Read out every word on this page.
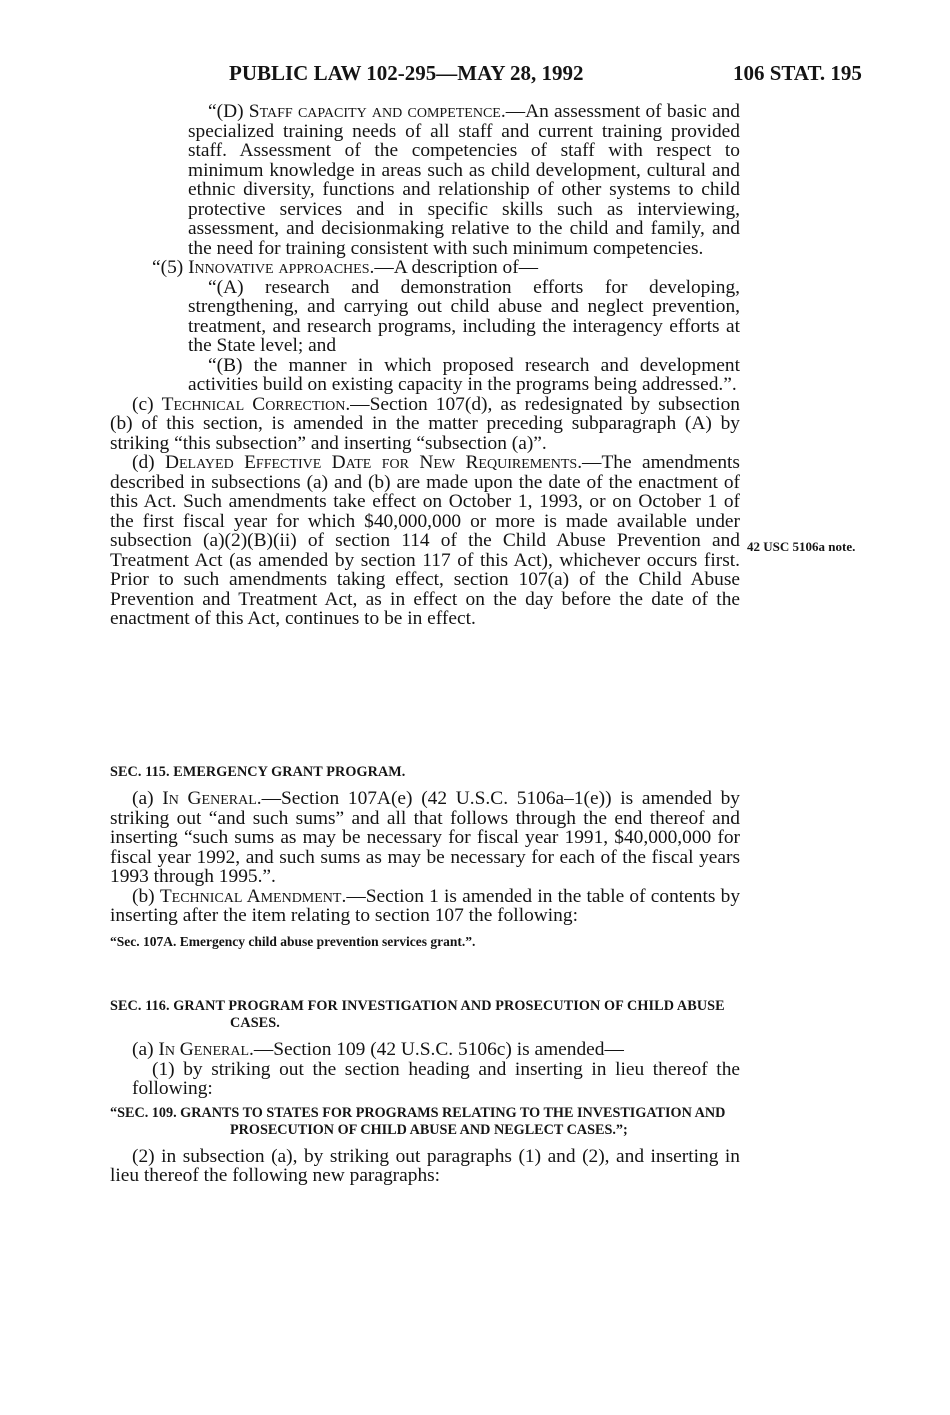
PUBLIC LAW 102-295—MAY 28, 1992	106 STAT. 195

“(D) Staff capacity and competence.—An assessment of basic and specialized training needs of all staff and current training provided staff. Assessment of the competencies of staff with respect to minimum knowledge in areas such as child development, cultural and ethnic diversity, functions and relationship of other systems to child protective services and in specific skills such as interviewing, assessment, and decisionmaking relative to the child and family, and the need for training consistent with such minimum competencies.

“(5) Innovative approaches.—A description of—

“(A) research and demonstration efforts for developing, strengthening, and carrying out child abuse and neglect prevention, treatment, and research programs, including the interagency efforts at the State level; and

“(B) the manner in which proposed research and development activities build on existing capacity in the programs being addressed.”.

(c) Technical Correction.—Section 107(d), as redesignated by subsection (b) of this section, is amended in the matter preceding subparagraph (A) by striking “this subsection” and inserting “subsection (a)”.

(d) Delayed Effective Date for New Requirements.—The amendments described in subsections (a) and (b) are made upon the date of the enactment of this Act. Such amendments take effect on October 1, 1993, or on October 1 of the first fiscal year for which $40,000,000 or more is made available under subsection (a)(2)(B)(ii) of section 114 of the Child Abuse Prevention and Treatment Act (as amended by section 117 of this Act), whichever occurs first. Prior to such amendments taking effect, section 107(a) of the Child Abuse Prevention and Treatment Act, as in effect on the day before the date of the enactment of this Act, continues to be in effect.

42 USC 5106a note.

SEC. 115. EMERGENCY GRANT PROGRAM.

(a) In General.—Section 107A(e) (42 U.S.C. 5106a–1(e)) is amended by striking out “and such sums” and all that follows through the end thereof and inserting “such sums as may be necessary for fiscal year 1991, $40,000,000 for fiscal year 1992, and such sums as may be necessary for each of the fiscal years 1993 through 1995.”.

(b) Technical Amendment.—Section 1 is amended in the table of contents by inserting after the item relating to section 107 the following:

“Sec. 107A. Emergency child abuse prevention services grant.”.

SEC. 116. GRANT PROGRAM FOR INVESTIGATION AND PROSECUTION OF CHILD ABUSE CASES.

(a) In General.—Section 109 (42 U.S.C. 5106c) is amended—

(1) by striking out the section heading and inserting in lieu thereof the following:

“SEC. 109. GRANTS TO STATES FOR PROGRAMS RELATING TO THE INVESTIGATION AND PROSECUTION OF CHILD ABUSE AND NEGLECT CASES.”;

(2) in subsection (a), by striking out paragraphs (1) and (2), and inserting in lieu thereof the following new paragraphs:
